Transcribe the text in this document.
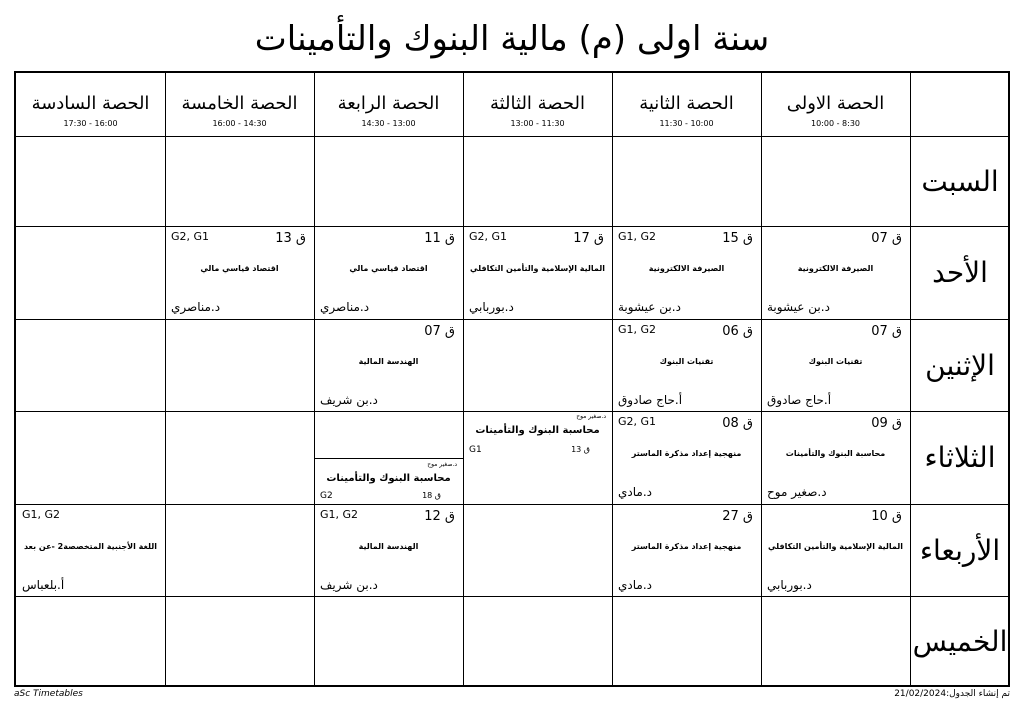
سنة اولى (م) مالية البنوك والتأمينات
الحصة الاولى
10:00 - 8:30
الحصة الثانية
11:30 - 10:00
الحصة الثالثة
13:00 - 11:30
الحصة الرابعة
14:30 - 13:00
الحصة الخامسة
16:00 - 14:30
الحصة السادسة
17:30 - 16:00
السبت
الأحد
الإثنين
الثلاثاء
الأربعاء
الخميس
ق 07
الصيرفة الالكترونية
د.بن عيشوبة
ق 15
G1, G2
الصيرفة الالكترونية
د.بن عيشوبة
ق 17
G2, G1
المالية الإسلامية والتأمين التكافلي
د.بوربابي
ق 11
اقتصاد قياسي مالي
د.مناصري
ق 13
G2, G1
اقتصاد قياسي مالي
د.مناصري
ق 07
تقنيات البنوك
أ.حاج صادوق
ق 06
G1, G2
تقنيات البنوك
أ.حاج صادوق
ق 07
الهندسة المالية
د.بن شريف
ق 09
محاسبة البنوك والتأمينات
د.صغير موح
ق 08
G2, G1
منهجية إعداد مذكرة الماستر
د.مادي
ق 10
المالية الإسلامية والتأمين التكافلي
د.بوربابي
ق 27
منهجية إعداد مذكرة الماستر
د.مادي
ق 12
G1, G2
الهندسة المالية
د.بن شريف
G1, G2
اللغة الأجنبية المتخصصة2 -عن بعد
أ.بلعباس
د.صغير موح
محاسبة البنوك والتأمينات
ق 13
G1
د.صغير موح
محاسبة البنوك والتأمينات
ق 18
G2
aSc Timetables	تم إنشاء الجدول:21/02/2024
